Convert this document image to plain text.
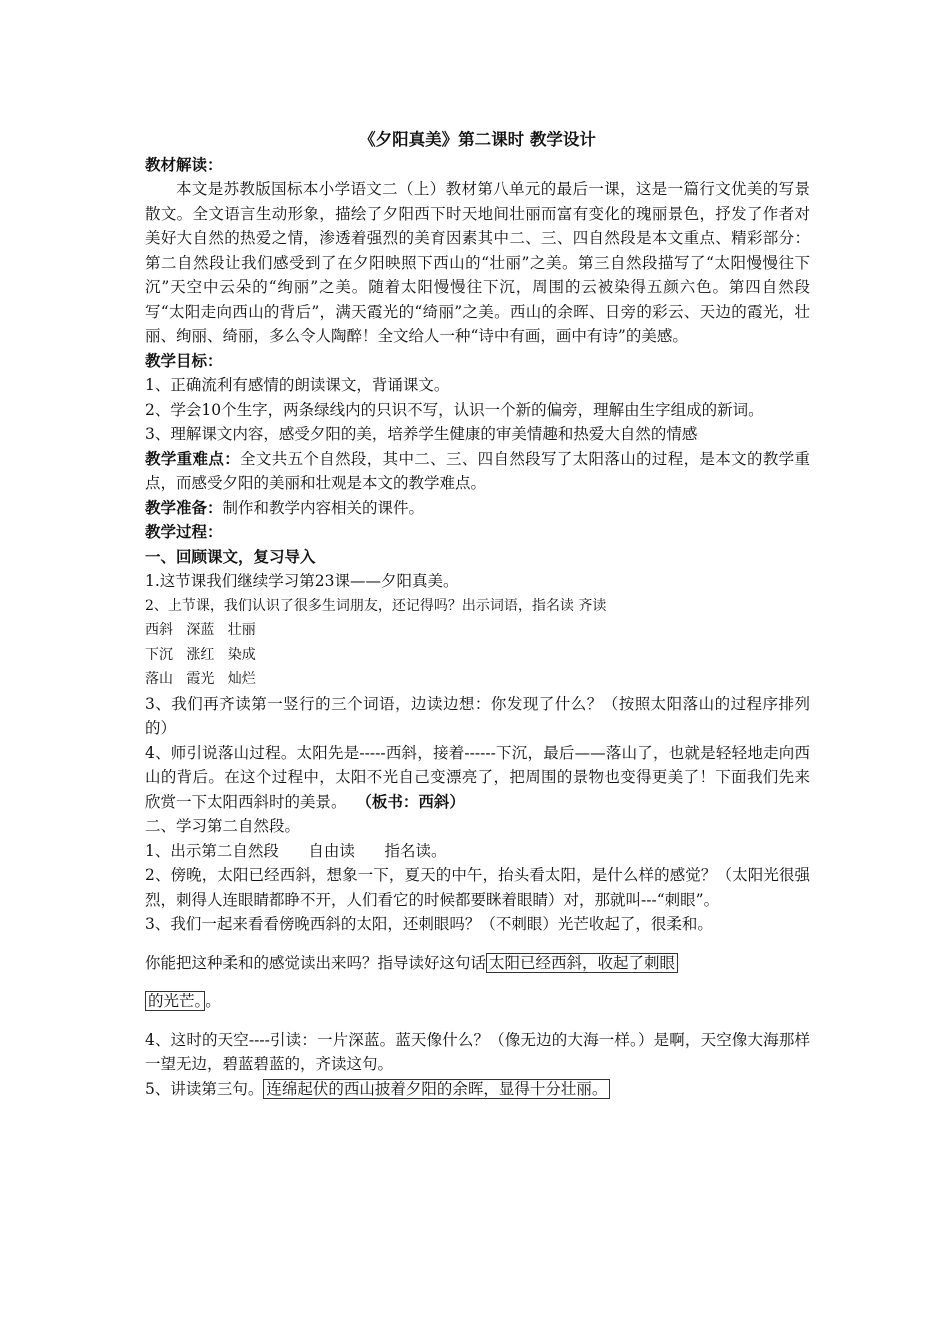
《夕阳真美》第二课时 教学设计
教材解读：

本文是苏教版国标本小学语文二（上）教材第八单元的最后一课，这是一篇行文优美的写景散文。全文语言生动形象，描绘了夕阳西下时天地间壮丽而富有变化的瑰丽景色，抒发了作者对美好大自然的热爱之情，渗透着强烈的美育因素其中二、三、四自然段是本文重点、精彩部分：第二自然段让我们感受到了在夕阳映照下西山的“壮丽”之美。第三自然段描写了“太阳慢慢往下沉”天空中云朵的“绚丽”之美。随着太阳慢慢往下沉，周围的云被染得五颜六色。第四自然段写“太阳走向西山的背后”，满天霞光的“绮丽”之美。西山的余晖、日旁的彩云、天边的霞光，壮丽、绚丽、绮丽，多么令人陶醉！全文给人一种“诗中有画，画中有诗”的美感。

教学目标：

1、正确流利有感情的朗读课文，背诵课文。

2、学会10个生字，两条绿线内的只识不写，认识一个新的偏旁，理解由生字组成的新词。

3、理解课文内容，感受夕阳的美，培养学生健康的审美情趣和热爱大自然的情感

教学重难点：全文共五个自然段，其中二、三、四自然段写了太阳落山的过程，是本文的教学重点，而感受夕阳的美丽和壮观是本文的教学难点。

教学准备：制作和教学内容相关的课件。

教学过程：
一、回顾课文，复习导入

1.这节课我们继续学习第23课——夕阳真美。

2、上节课，我们认识了很多生词朋友，还记得吗？出示词语，指名读 齐读

西斜   深蓝   壮丽

下沉   涨红   染成

落山   霞光   灿烂

3、我们再齐读第一竖行的三个词语，边读边想：你发现了什么？（按照太阳落山的过程序排列的）

4、师引说落山过程。太阳先是-----西斜，接着------下沉，最后——落山了，也就是轻轻地走向西山的背后。在这个过程中，太阳不光自己变漂亮了，把周围的景物也变得更美了！下面我们先来欣赏一下太阳西斜时的美景。 （板书：西斜）

二、学习第二自然段。

1、出示第二自然段      自由读      指名读。

2、傍晚，太阳已经西斜，想象一下，夏天的中午，抬头看太阳，是什么样的感觉？（太阳光很强烈，刺得人连眼睛都睁不开，人们看它的时候都要眯着眼睛）对，那就叫---“刺眼”。

3、我们一起来看看傍晚西斜的太阳，还刺眼吗？（不刺眼）光芒收起了，很柔和。

你能把这种柔和的感觉读出来吗？指导读好这句话 太阳已经西斜，收起了刺眼

的光芒。 。

4、这时的天空----引读：一片深蓝。蓝天像什么？（像无边的大海一样。）是啊，天空像大海那样一望无边，碧蓝碧蓝的，齐读这句。

5、讲读第三句。 连绵起伏的西山披着夕阳的余晖，显得十分壮丽。
